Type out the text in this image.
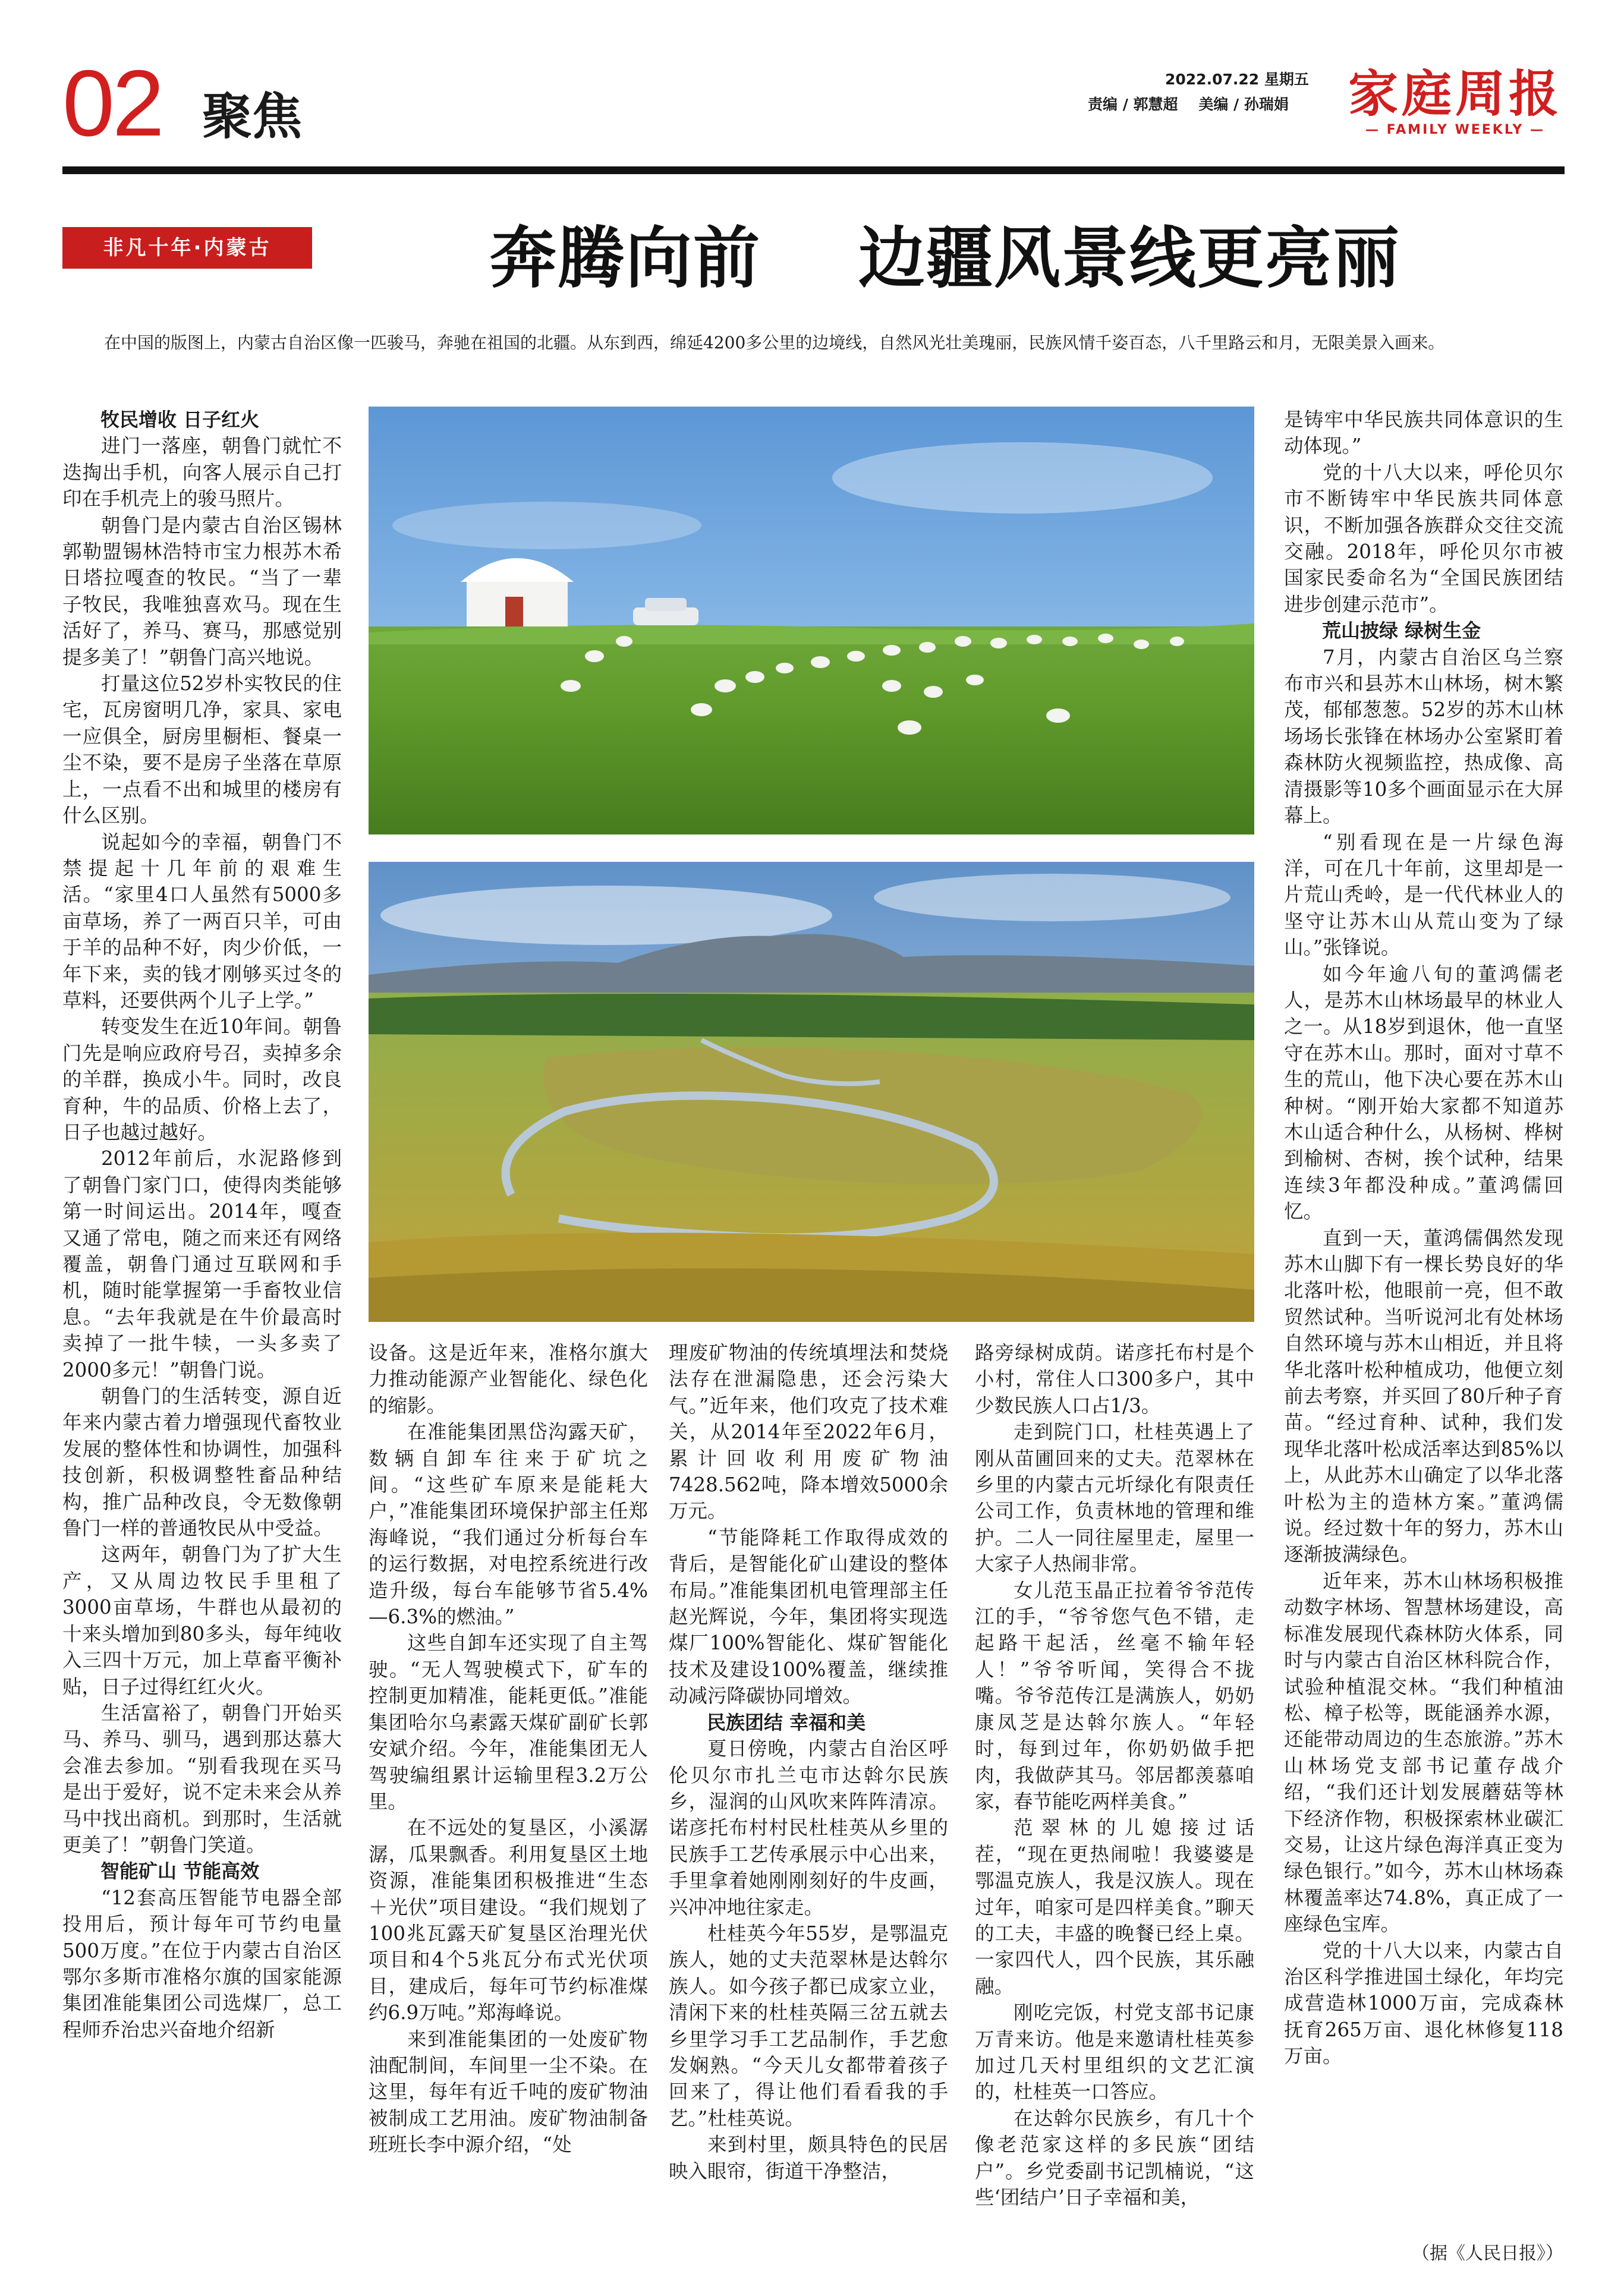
02 聚焦
2022.07.22 星期五
责编 / 郭慧超    美编 / 孙瑞娟 家庭周报
— FAMILY WEEKLY —
非凡十年·内蒙古	奔腾向前    边疆风景线更亮丽
在中国的版图上，内蒙古自治区像一匹骏马，奔驰在祖国的北疆。从东到西，绵延4200多公里的边境线，自然风光壮美瑰丽，民族风情千姿百态，八千里路云和月，无限美景入画来。
牧民增收 日子红火

进门一落座，朝鲁门就忙不迭掏出手机，向客人展示自己打印在手机壳上的骏马照片。

朝鲁门是内蒙古自治区锡林郭勒盟锡林浩特市宝力根苏木希日塔拉嘎查的牧民。“当了一辈子牧民，我唯独喜欢马。现在生活好了，养马、赛马，那感觉别提多美了！”朝鲁门高兴地说。

打量这位52岁朴实牧民的住宅，瓦房窗明几净，家具、家电一应俱全，厨房里橱柜、餐桌一尘不染，要不是房子坐落在草原上，一点看不出和城里的楼房有什么区别。

说起如今的幸福，朝鲁门不禁提起十几年前的艰难生活。“家里4口人虽然有5000多亩草场，养了一两百只羊，可由于羊的品种不好，肉少价低，一年下来，卖的钱才刚够买过冬的草料，还要供两个儿子上学。”

转变发生在近10年间。朝鲁门先是响应政府号召，卖掉多余的羊群，换成小牛。同时，改良育种，牛的品质、价格上去了，日子也越过越好。

2012年前后，水泥路修到了朝鲁门家门口，使得肉类能够第一时间运出。2014年，嘎查又通了常电，随之而来还有网络覆盖，朝鲁门通过互联网和手机，随时能掌握第一手畜牧业信息。“去年我就是在牛价最高时卖掉了一批牛犊，一头多卖了2000多元！”朝鲁门说。

朝鲁门的生活转变，源自近年来内蒙古着力增强现代畜牧业发展的整体性和协调性，加强科技创新，积极调整牲畜品种结构，推广品种改良，令无数像朝鲁门一样的普通牧民从中受益。

这两年，朝鲁门为了扩大生产，又从周边牧民手里租了3000亩草场，牛群也从最初的十来头增加到80多头，每年纯收入三四十万元，加上草畜平衡补贴，日子过得红红火火。

生活富裕了，朝鲁门开始买马、养马、驯马，遇到那达慕大会准去参加。“别看我现在买马是出于爱好，说不定未来会从养马中找出商机。到那时，生活就更美了！”朝鲁门笑道。

智能矿山 节能高效

“12套高压智能节电器全部投用后，预计每年可节约电量500万度。”在位于内蒙古自治区鄂尔多斯市准格尔旗的国家能源集团准能集团公司选煤厂，总工程师乔治忠兴奋地介绍新

设备。这是近年来，准格尔旗大力推动能源产业智能化、绿色化的缩影。

在准能集团黑岱沟露天矿，数辆自卸车往来于矿坑之间。“这些矿车原来是能耗大户，”准能集团环境保护部主任郑海峰说，“我们通过分析每台车的运行数据，对电控系统进行改造升级，每台车能够节省5.4%—6.3%的燃油。”

这些自卸车还实现了自主驾驶。“无人驾驶模式下，矿车的控制更加精准，能耗更低。”准能集团哈尔乌素露天煤矿副矿长郭安斌介绍。今年，准能集团无人驾驶编组累计运输里程3.2万公里。

在不远处的复垦区，小溪潺潺，瓜果飘香。利用复垦区土地资源，准能集团积极推进“生态＋光伏”项目建设。“我们规划了100兆瓦露天矿复垦区治理光伏项目和4个5兆瓦分布式光伏项目，建成后，每年可节约标准煤约6.9万吨。”郑海峰说。

来到准能集团的一处废矿物油配制间，车间里一尘不染。在这里，每年有近千吨的废矿物油被制成工艺用油。废矿物油制备班班长李中源介绍，“处

理废矿物油的传统填埋法和焚烧法存在泄漏隐患，还会污染大气。”近年来，他们攻克了技术难关，从2014年至2022年6月，累计回收利用废矿物油7428.562吨，降本增效5000余万元。

“节能降耗工作取得成效的背后，是智能化矿山建设的整体布局。”准能集团机电管理部主任赵光辉说，今年，集团将实现选煤厂100%智能化、煤矿智能化技术及建设100%覆盖，继续推动减污降碳协同增效。

民族团结 幸福和美

夏日傍晚，内蒙古自治区呼伦贝尔市扎兰屯市达斡尔民族乡，湿润的山风吹来阵阵清凉。诺彦托布村村民杜桂英从乡里的民族手工艺传承展示中心出来，手里拿着她刚刚刻好的牛皮画，兴冲冲地往家走。

杜桂英今年55岁，是鄂温克族人，她的丈夫范翠林是达斡尔族人。如今孩子都已成家立业，清闲下来的杜桂英隔三岔五就去乡里学习手工艺品制作，手艺愈发娴熟。“今天儿女都带着孩子回来了，得让他们看看我的手艺。”杜桂英说。

来到村里，颇具特色的民居映入眼帘，街道干净整洁，

路旁绿树成荫。诺彦托布村是个小村，常住人口300多户，其中少数民族人口占1/3。

走到院门口，杜桂英遇上了刚从苗圃回来的丈夫。范翠林在乡里的内蒙古元圻绿化有限责任公司工作，负责林地的管理和维护。二人一同往屋里走，屋里一大家子人热闹非常。

女儿范玉晶正拉着爷爷范传江的手，“爷爷您气色不错，走起路干起活，丝毫不输年轻人！”爷爷听闻，笑得合不拢嘴。爷爷范传江是满族人，奶奶康凤芝是达斡尔族人。“年轻时，每到过年，你奶奶做手把肉，我做萨其马。邻居都羡慕咱家，春节能吃两样美食。”

范翠林的儿媳接过话茬，“现在更热闹啦！我婆婆是鄂温克族人，我是汉族人。现在过年，咱家可是四样美食。”聊天的工夫，丰盛的晚餐已经上桌。一家四代人，四个民族，其乐融融。

刚吃完饭，村党支部书记康万青来访。他是来邀请杜桂英参加过几天村里组织的文艺汇演的，杜桂英一口答应。

在达斡尔民族乡，有几十个像老范家这样的多民族“团结户”。乡党委副书记凯楠说，“这些‘团结户’日子幸福和美，

是铸牢中华民族共同体意识的生动体现。”

党的十八大以来，呼伦贝尔市不断铸牢中华民族共同体意识，不断加强各族群众交往交流交融。2018年，呼伦贝尔市被国家民委命名为“全国民族团结进步创建示范市”。

荒山披绿 绿树生金

7月，内蒙古自治区乌兰察布市兴和县苏木山林场，树木繁茂，郁郁葱葱。52岁的苏木山林场场长张锋在林场办公室紧盯着森林防火视频监控，热成像、高清摄影等10多个画面显示在大屏幕上。

“别看现在是一片绿色海洋，可在几十年前，这里却是一片荒山秃岭，是一代代林业人的坚守让苏木山从荒山变为了绿山。”张锋说。

如今年逾八旬的董鸿儒老人，是苏木山林场最早的林业人之一。从18岁到退休，他一直坚守在苏木山。那时，面对寸草不生的荒山，他下决心要在苏木山种树。“刚开始大家都不知道苏木山适合种什么，从杨树、桦树到榆树、杏树，挨个试种，结果连续3年都没种成。”董鸿儒回忆。

直到一天，董鸿儒偶然发现苏木山脚下有一棵长势良好的华北落叶松，他眼前一亮，但不敢贸然试种。当听说河北有处林场自然环境与苏木山相近，并且将华北落叶松种植成功，他便立刻前去考察，并买回了80斤种子育苗。“经过育种、试种，我们发现华北落叶松成活率达到85%以上，从此苏木山确定了以华北落叶松为主的造林方案。”董鸿儒说。经过数十年的努力，苏木山逐渐披满绿色。

近年来，苏木山林场积极推动数字林场、智慧林场建设，高标准发展现代森林防火体系，同时与内蒙古自治区林科院合作，试验种植混交林。“我们种植油松、樟子松等，既能涵养水源，还能带动周边的生态旅游。”苏木山林场党支部书记董存战介绍，“我们还计划发展蘑菇等林下经济作物，积极探索林业碳汇交易，让这片绿色海洋真正变为绿色银行。”如今，苏木山林场森林覆盖率达74.8%，真正成了一座绿色宝库。

党的十八大以来，内蒙古自治区科学推进国土绿化，年均完成营造林1000万亩，完成森林抚育265万亩、退化林修复118万亩。

（据《人民日报》）
